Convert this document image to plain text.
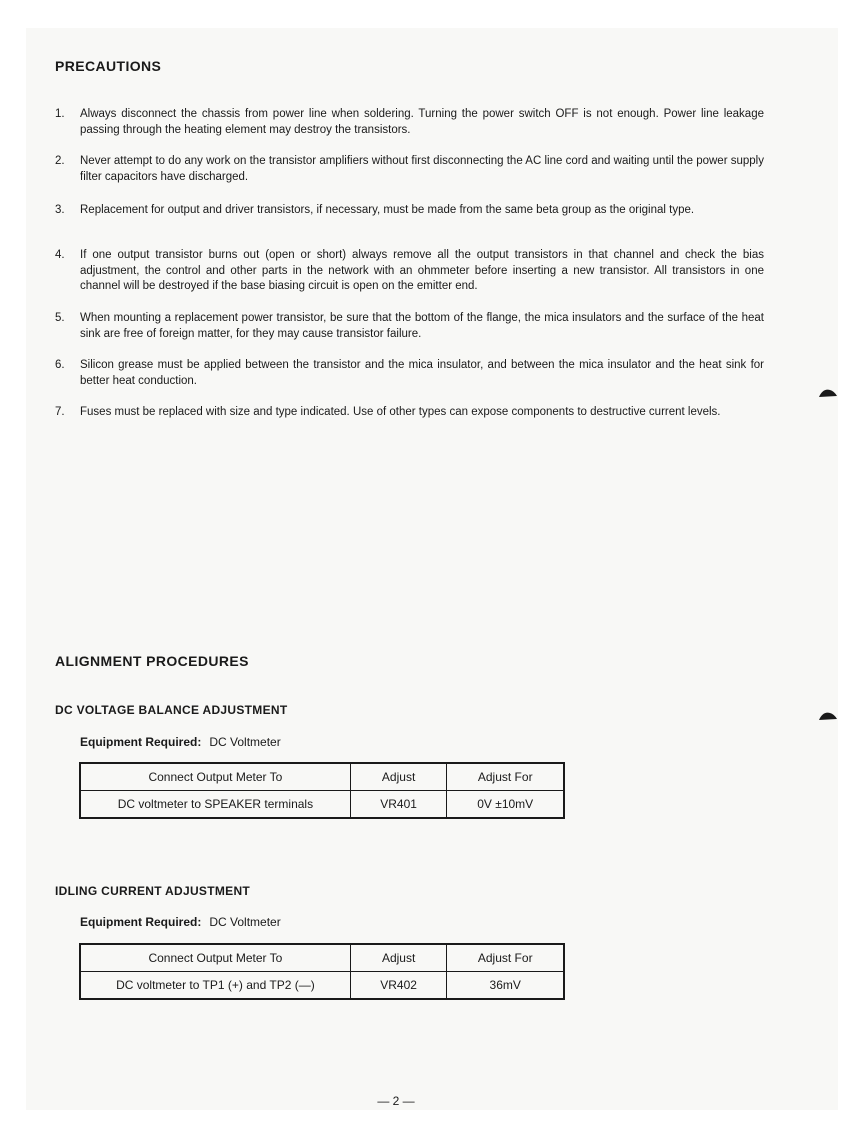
PRECAUTIONS
1. Always disconnect the chassis from power line when soldering. Turning the power switch OFF is not enough. Power line leakage passing through the heating element may destroy the transistors.
2. Never attempt to do any work on the transistor amplifiers without first disconnecting the AC line cord and waiting until the power supply filter capacitors have discharged.
3. Replacement for output and driver transistors, if necessary, must be made from the same beta group as the original type.
4. If one output transistor burns out (open or short) always remove all the output transistors in that channel and check the bias adjustment, the control and other parts in the network with an ohmmeter before inserting a new transistor. All transistors in one channel will be destroyed if the base biasing circuit is open on the emitter end.
5. When mounting a replacement power transistor, be sure that the bottom of the flange, the mica insulators and the surface of the heat sink are free of foreign matter, for they may cause transistor failure.
6. Silicon grease must be applied between the transistor and the mica insulator, and between the mica insulator and the heat sink for better heat conduction.
7. Fuses must be replaced with size and type indicated. Use of other types can expose components to destructive current levels.
ALIGNMENT PROCEDURES
DC VOLTAGE BALANCE ADJUSTMENT
Equipment Required: DC Voltmeter
Connect Output Meter To	Adjust	Adjust For
DC voltmeter to SPEAKER terminals	VR401	0V ±10mV
IDLING CURRENT ADJUSTMENT
Equipment Required: DC Voltmeter
Connect Output Meter To	Adjust	Adjust For
DC voltmeter to TP1 (+) and TP2 (—)	VR402	36mV
— 2 —
